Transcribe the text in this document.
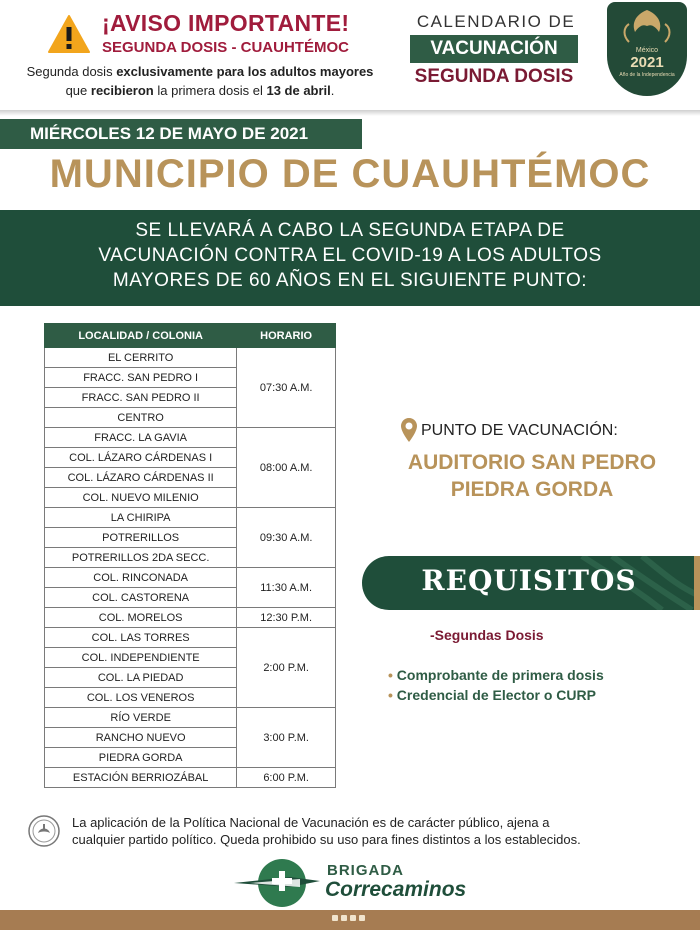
¡AVISO IMPORTANTE!
SEGUNDA DOSIS - CUAUHTÉMOC
Segunda dosis exclusivamente para los adultos mayores
que recibieron la primera dosis el 13 de abril.
CALENDARIO DE
VACUNACIÓN
SEGUNDA DOSIS
México
2021
Año de la Independencia
MIÉRCOLES 12 DE MAYO DE 2021
MUNICIPIO DE CUAUHTÉMOC
SE LLEVARÁ A CABO LA SEGUNDA ETAPA DE
VACUNACIÓN CONTRA EL COVID-19 A LOS ADULTOS
MAYORES DE 60 AÑOS EN EL SIGUIENTE PUNTO:
LOCALIDAD / COLONIA	HORARIO
EL CERRITO	07:30 A.M.
FRACC. SAN PEDRO I	
FRACC. SAN PEDRO II	
CENTRO	
FRACC. LA GAVIA	08:00 A.M.
COL. LÁZARO CÁRDENAS I	
COL. LÁZARO CÁRDENAS II	
COL. NUEVO MILENIO	
LA CHIRIPA	09:30 A.M.
POTRERILLOS	
POTRERILLOS 2DA SECC.	
COL. RINCONADA	11:30 A.M.
COL. CASTORENA	
COL. MORELOS	12:30 P.M.
COL. LAS TORRES	2:00 P.M.
COL. INDEPENDIENTE	
COL. LA PIEDAD	
COL. LOS VENEROS	
RÍO VERDE	3:00 P.M.
RANCHO NUEVO	
PIEDRA GORDA	
ESTACIÓN BERRIOZÁBAL	6:00 P.M.
PUNTO DE VACUNACIÓN:
AUDITORIO SAN PEDRO
PIEDRA GORDA
REQUISITOS
-Segundas Dosis
• Comprobante de primera dosis
• Credencial de Elector o CURP
La aplicación de la Política Nacional de Vacunación es de carácter público, ajena a
cualquier partido político. Queda prohibido su uso para fines distintos a los establecidos.
BRIGADA
Correcaminos
